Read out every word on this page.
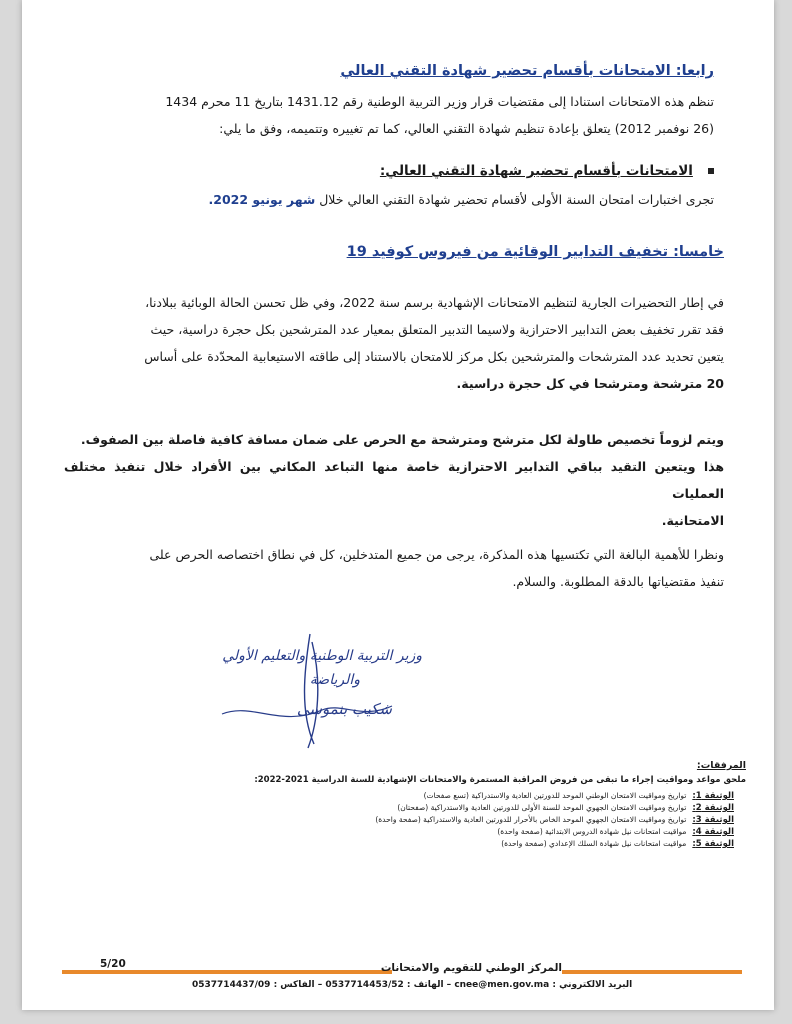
رابعا: الامتحانات بأقسام تحضير شهادة التقني العالي
تنظم هذه الامتحانات استنادا إلى مقتضيات قرار وزير التربية الوطنية رقم 1431.12 بتاريخ 11 محرم 1434
(26 نوفمبر 2012) يتعلق بإعادة تنظيم شهادة التقني العالي، كما تم تغييره وتتميمه، وفق ما يلي:
الامتحانات بأقسام تحضير شهادة التقني العالي:
تجرى اختبارات امتحان السنة الأولى لأقسام تحضير شهادة التقني العالي خلال شهر يونيو 2022.
خامسا: تخفيف التدابير الوقائية من فيروس كوفيد 19
في إطار التحضيرات الجارية لتنظيم الامتحانات الإشهادية برسم سنة 2022، وفي ظل تحسن الحالة الوبائية ببلادنا،
فقد تقرر تخفيف بعض التدابير الاحترازية ولاسيما التدبير المتعلق بمعيار عدد المترشحين بكل حجرة دراسية، حيث
يتعين تحديد عدد المترشحات والمترشحين بكل مركز للامتحان بالاستناد إلى طاقته الاستيعابية المحدّدة على أساس
20 مترشحة ومترشحا في كل حجرة دراسية.
ويتم لزوماً تخصيص طاولة لكل مترشح ومترشحة مع الحرص على ضمان مسافة كافية فاصلة بين الصفوف.
هذا ويتعين التقيد بباقي التدابير الاحترازية خاصة منها التباعد المكاني بين الأفراد خلال تنفيذ مختلف العمليات
الامتحانية.
ونظرا للأهمية البالغة التي تكتسيها هذه المذكرة، يرجى من جميع المتدخلين، كل في نطاق اختصاصه الحرص على
تنفيذ مقتضياتها بالدقة المطلوبة. والسلام.
وزير التربية الوطنية والتعليم الأولي
والرياضة
شكيب بنموسى
المرفقات:
ملحق مواعد ومواقيت إجراء ما تبقى من فروض المراقبة المستمرة والامتحانات الإشهادية للسنة الدراسية 2021-2022:
الوثيقة 1:تواريخ ومواقيت الامتحان الوطني الموحد للدورتين العادية والاستدراكية (تسع صفحات)
الوثيقة 2:تواريخ ومواقيت الامتحان الجهوي الموحد للسنة الأولى للدورتين العادية والاستدراكية (صفحتان)
الوثيقة 3:تواريخ ومواقيت الامتحان الجهوي الموحد الخاص بالأحرار للدورتين العادية والاستدراكية (صفحة واحدة)
الوثيقة 4:مواقيت امتحانات نيل شهادة الدروس الابتدائية (صفحة واحدة)
الوثيقة 5:مواقيت امتحانات نيل شهادة السلك الإعدادي (صفحة واحدة)
5/20	المركز الوطني للتقويم والامتحانات
البريد الالكتروني : cnee@men.gov.ma – الهاتف : 0537714453/52 – الفاكس : 0537714437/09
